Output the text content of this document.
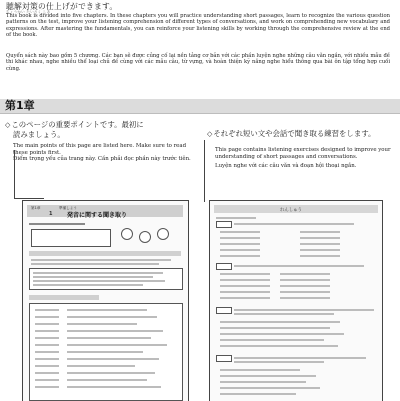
聴解対策の仕上げができます。
ちょうかい たいさく しあ

This book is divided into five chapters. In these chapters you will practice understanding short passages, learn to recognize the various question patterns on the test, improve your listening comprehension of different types of conversations, and work on comprehending new vocabulary and expressions. After mastering the fundamentals, you can reinforce your listening skills by working through the comprehensive review at the end of the book.

Quyển sách này bao gồm 5 chương. Các bạn sẽ được củng cố lại nền tảng cơ bản với các phần luyện nghe những câu văn ngắn, với nhiều mẫu đề thi khác nhau, nghe nhiều thể loại chủ đề cùng với các mẫu câu, từ vựng, và hoàn thiện kỹ năng nghe hiểu thông qua bài ôn tập tổng hợp cuối cùng.

第1章

◇このページの重要ポイントです。最初に

読みましょう。

The main points of this page are listed here. Make sure to read these points first.

Điểm trọng yếu của trang này. Cần phải đọc phần này trước tiên.

◇それぞれ短い文や会話で聞き取る練習をします。

This page contains listening exercises designed to improve your understanding of short passages and conversations.

Luyện nghe với các câu văn và đoạn hội thoại ngắn.

第1章	準備しよう
1 発音に関する聞き取り
れんしゅう
